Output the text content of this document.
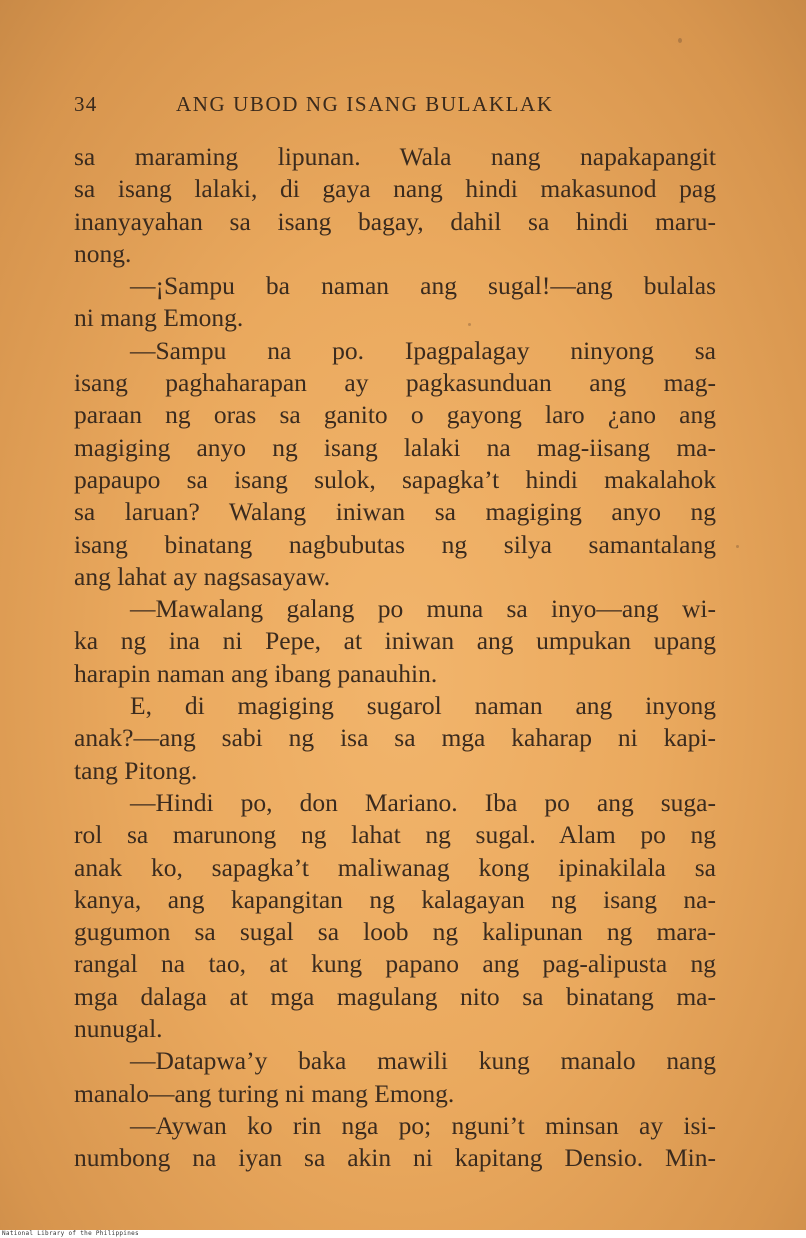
34	ANG UBOD NG ISANG BULAKLAK
sa maraming lipunan. Wala nang napakapangit
sa isang lalaki, di gaya nang hindi makasunod pag
inanyayahan sa isang bagay, dahil sa hindi maru-
nong.
—¡Sampu ba naman ang sugal!—ang bulalas
ni mang Emong.
—Sampu na po. Ipagpalagay ninyong sa
isang paghaharapan ay pagkasunduan ang mag-
paraan ng oras sa ganito o gayong laro ¿ano ang
magiging anyo ng isang lalaki na mag-iisang ma-
papaupo sa isang sulok, sapagka’t hindi makalahok
sa laruan? Walang iniwan sa magiging anyo ng
isang binatang nagbubutas ng silya samantalang
ang lahat ay nagsasayaw.
—Mawalang galang po muna sa inyo—ang wi-
ka ng ina ni Pepe, at iniwan ang umpukan upang
harapin naman ang ibang panauhin.
E, di magiging sugarol naman ang inyong
anak?—ang sabi ng isa sa mga kaharap ni kapi-
tang Pitong.
—Hindi po, don Mariano. Iba po ang suga-
rol sa marunong ng lahat ng sugal. Alam po ng
anak ko, sapagka’t maliwanag kong ipinakilala sa
kanya, ang kapangitan ng kalagayan ng isang na-
gugumon sa sugal sa loob ng kalipunan ng mara-
rangal na tao, at kung papano ang pag-alipusta ng
mga dalaga at mga magulang nito sa binatang ma-
nunugal.
—Datapwa’y baka mawili kung manalo nang
manalo—ang turing ni mang Emong.
—Aywan ko rin nga po; nguni’t minsan ay isi-
numbong na iyan sa akin ni kapitang Densio. Min-
National Library of the Philippines
